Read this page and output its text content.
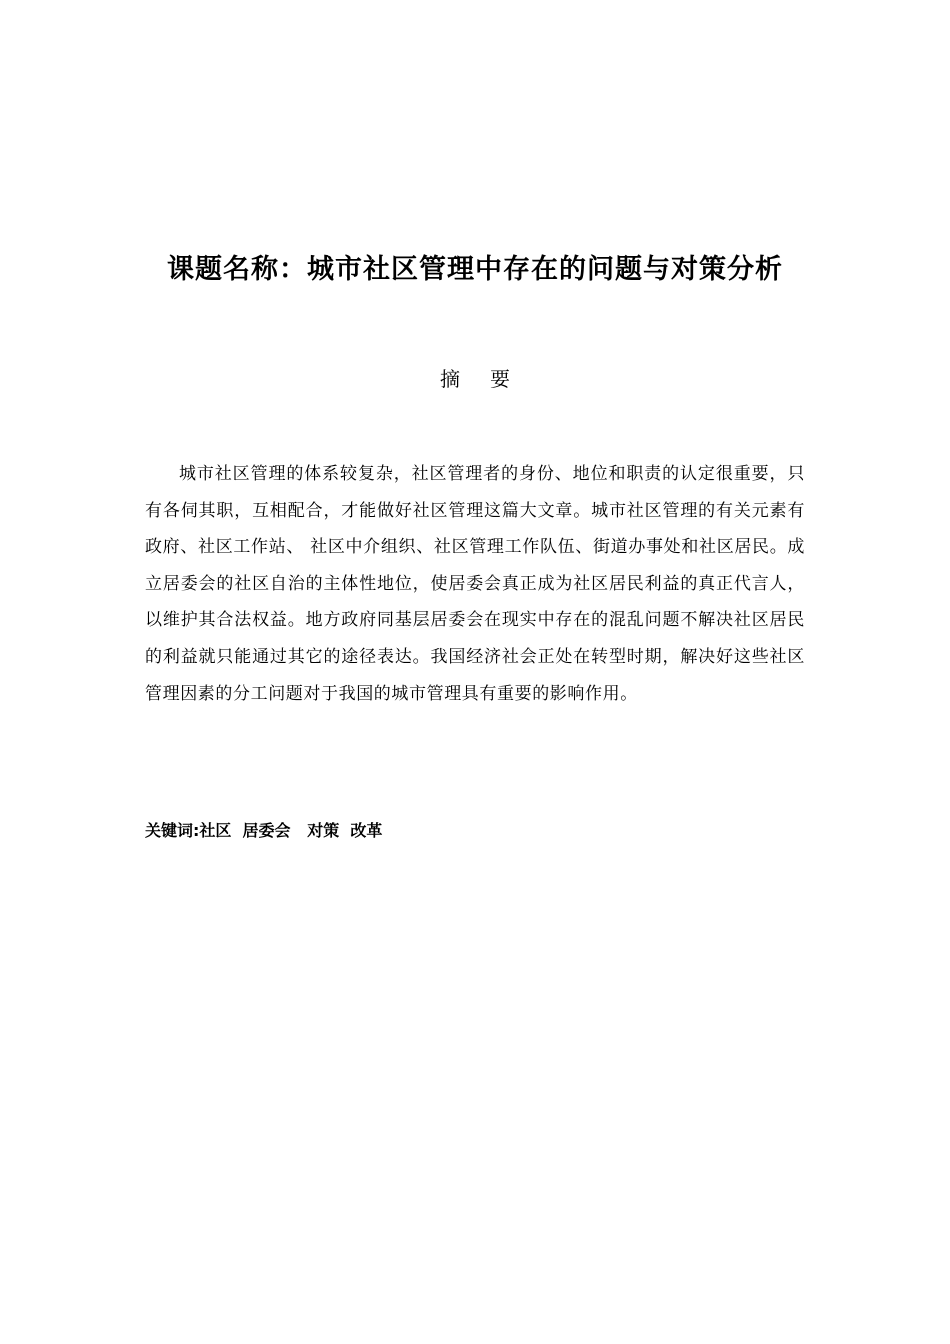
课题名称：城市社区管理中存在的问题与对策分析
摘要

城市社区管理的体系较复杂，社区管理者的身份、地位和职责的认定很重要，只有各伺其职，互相配合，才能做好社区管理这篇大文章。城市社区管理的有关元素有政府、社区工作站、 社区中介组织、社区管理工作队伍、街道办事处和社区居民。成立居委会的社区自治的主体性地位，使居委会真正成为社区居民利益的真正代言人，以维护其合法权益。地方政府同基层居委会在现实中存在的混乱问题不解决社区居民的利益就只能通过其它的途径表达。我国经济社会正处在转型时期，解决好这些社区管理因素的分工问题对于我国的城市管理具有重要的影响作用。

关键词:社区  居委会   对策  改革
